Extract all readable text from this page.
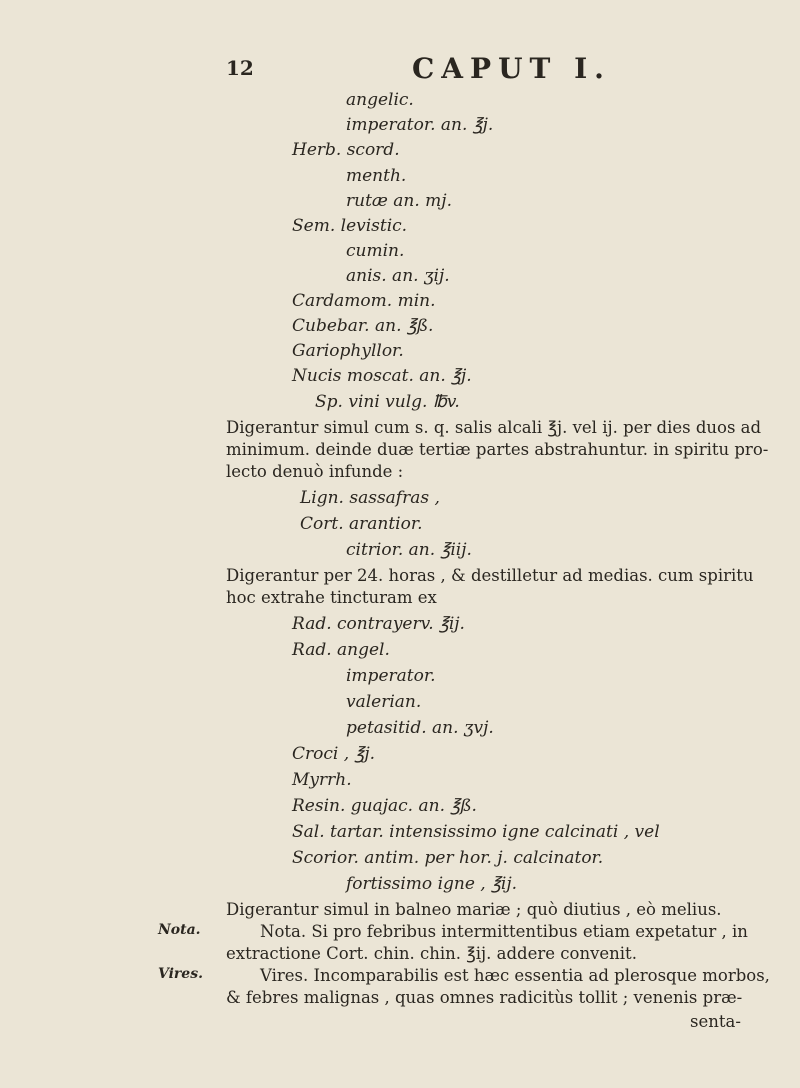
12	CAPUT I.
angelic.
imperator. an. ℥j.
Herb. scord.
menth.
rutæ an. mj.
Sem. levistic.
cumin.
anis. an. ʒij.
Cardamom. min.
Cubebar. an. ℥ß.
Gariophyllor.
Nucis moscat. an. ℥j.
Sp. vini vulg. ℔v.
Digerantur simul cum s. q. salis alcali ℥j. vel ij. per dies duos ad
minimum. deinde duæ tertiæ partes abstrahuntur. in spiritu pro-
lecto denuò infunde :
Lign. sassafras ,
Cort. arantior.
citrior. an. ℥iij.
Digerantur per 24. horas , & destilletur ad medias. cum spiritu
hoc extrahe tincturam ex
Rad. contrayerv. ℥ij.
Rad. angel.
imperator.
valerian.
petasitid. an. ʒvj.
Croci , ℥j.
Myrrh.
Resin. guajac. an. ℥ß.
Sal. tartar. intensissimo igne calcinati , vel
Scorior. antim. per hor. j. calcinator.
fortissimo igne , ℥ij.
Digerantur simul in balneo mariæ ; quò diutius , eò melius.
Nota. Si pro febribus intermittentibus etiam expetatur , in
extractione Cort. chin. chin. ℥ij. addere convenit.
Vires. Incomparabilis est hæc essentia ad plerosque morbos,
& febres malignas , quas omnes radicitùs tollit ; venenis præ-
senta-
Nota.
Vires.
